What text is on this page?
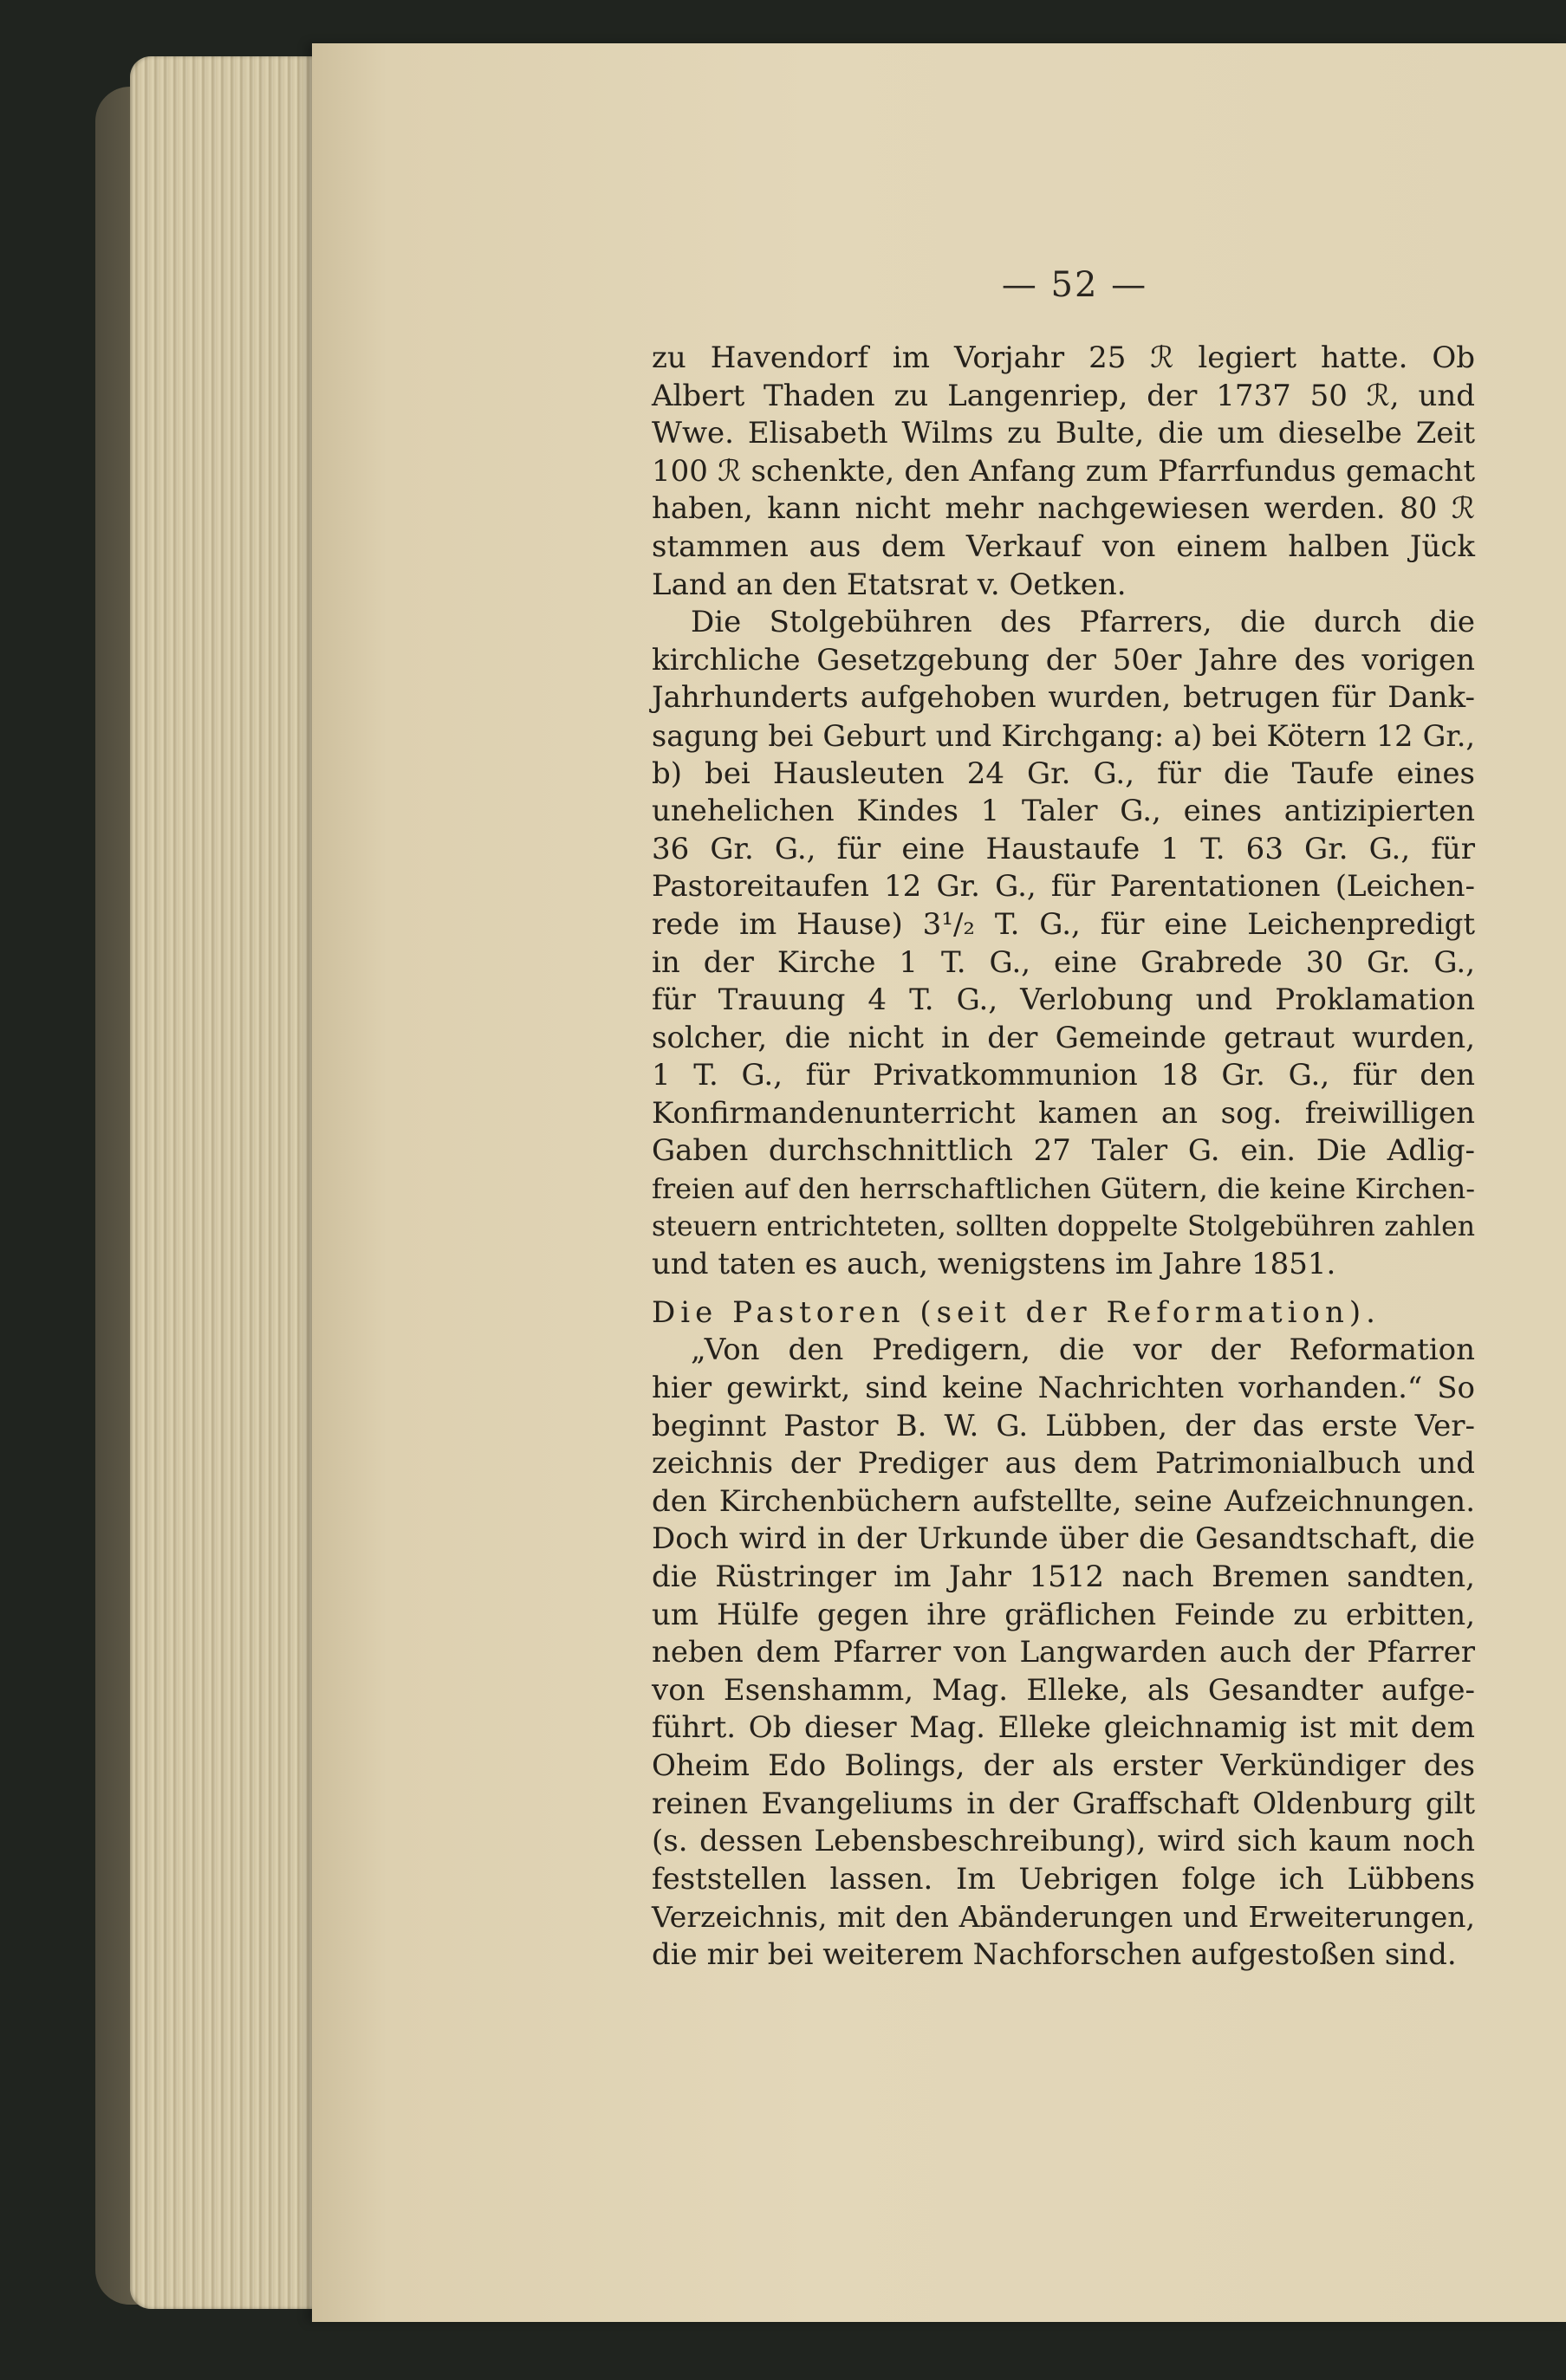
— 52 —
zu Havendorf im Vorjahr 25 ℛ legiert hatte. Ob
Albert Thaden zu Langenriep, der 1737 50 ℛ, und
Wwe. Elisabeth Wilms zu Bulte, die um dieselbe Zeit
100 ℛ schenkte, den Anfang zum Pfarrfundus gemacht
haben, kann nicht mehr nachgewiesen werden. 80 ℛ
stammen aus dem Verkauf von einem halben Jück
Land an den Etatsrat v. Oetken.
Die Stolgebühren des Pfarrers, die durch die
kirchliche Gesetzgebung der 50er Jahre des vorigen
Jahrhunderts aufgehoben wurden, betrugen für Dank-
sagung bei Geburt und Kirchgang: a) bei Kötern 12 Gr.,
b) bei Hausleuten 24 Gr. G., für die Taufe eines
unehelichen Kindes 1 Taler G., eines antizipierten
36 Gr. G., für eine Haustaufe 1 T. 63 Gr. G., für
Pastoreitaufen 12 Gr. G., für Parentationen (Leichen-
rede im Hause) 3¹/₂ T. G., für eine Leichenpredigt
in der Kirche 1 T. G., eine Grabrede 30 Gr. G.,
für Trauung 4 T. G., Verlobung und Proklamation
solcher, die nicht in der Gemeinde getraut wurden,
1 T. G., für Privatkommunion 18 Gr. G., für den
Konfirmandenunterricht kamen an sog. freiwilligen
Gaben durchschnittlich 27 Taler G. ein. Die Adlig-
freien auf den herrschaftlichen Gütern, die keine Kirchen-
steuern entrichteten, sollten doppelte Stolgebühren zahlen
und taten es auch, wenigstens im Jahre 1851.
Die Pastoren (seit der Reformation).
„Von den Predigern, die vor der Reformation
hier gewirkt, sind keine Nachrichten vorhanden.“ So
beginnt Pastor B. W. G. Lübben, der das erste Ver-
zeichnis der Prediger aus dem Patrimonialbuch und
den Kirchenbüchern aufstellte, seine Aufzeichnungen.
Doch wird in der Urkunde über die Gesandtschaft, die
die Rüstringer im Jahr 1512 nach Bremen sandten,
um Hülfe gegen ihre gräflichen Feinde zu erbitten,
neben dem Pfarrer von Langwarden auch der Pfarrer
von Esenshamm, Mag. Elleke, als Gesandter aufge-
führt. Ob dieser Mag. Elleke gleichnamig ist mit dem
Oheim Edo Bolings, der als erster Verkündiger des
reinen Evangeliums in der Graffschaft Oldenburg gilt
(s. dessen Lebensbeschreibung), wird sich kaum noch
feststellen lassen. Im Uebrigen folge ich Lübbens
Verzeichnis, mit den Abänderungen und Erweiterungen,
die mir bei weiterem Nachforschen aufgestoßen sind.
